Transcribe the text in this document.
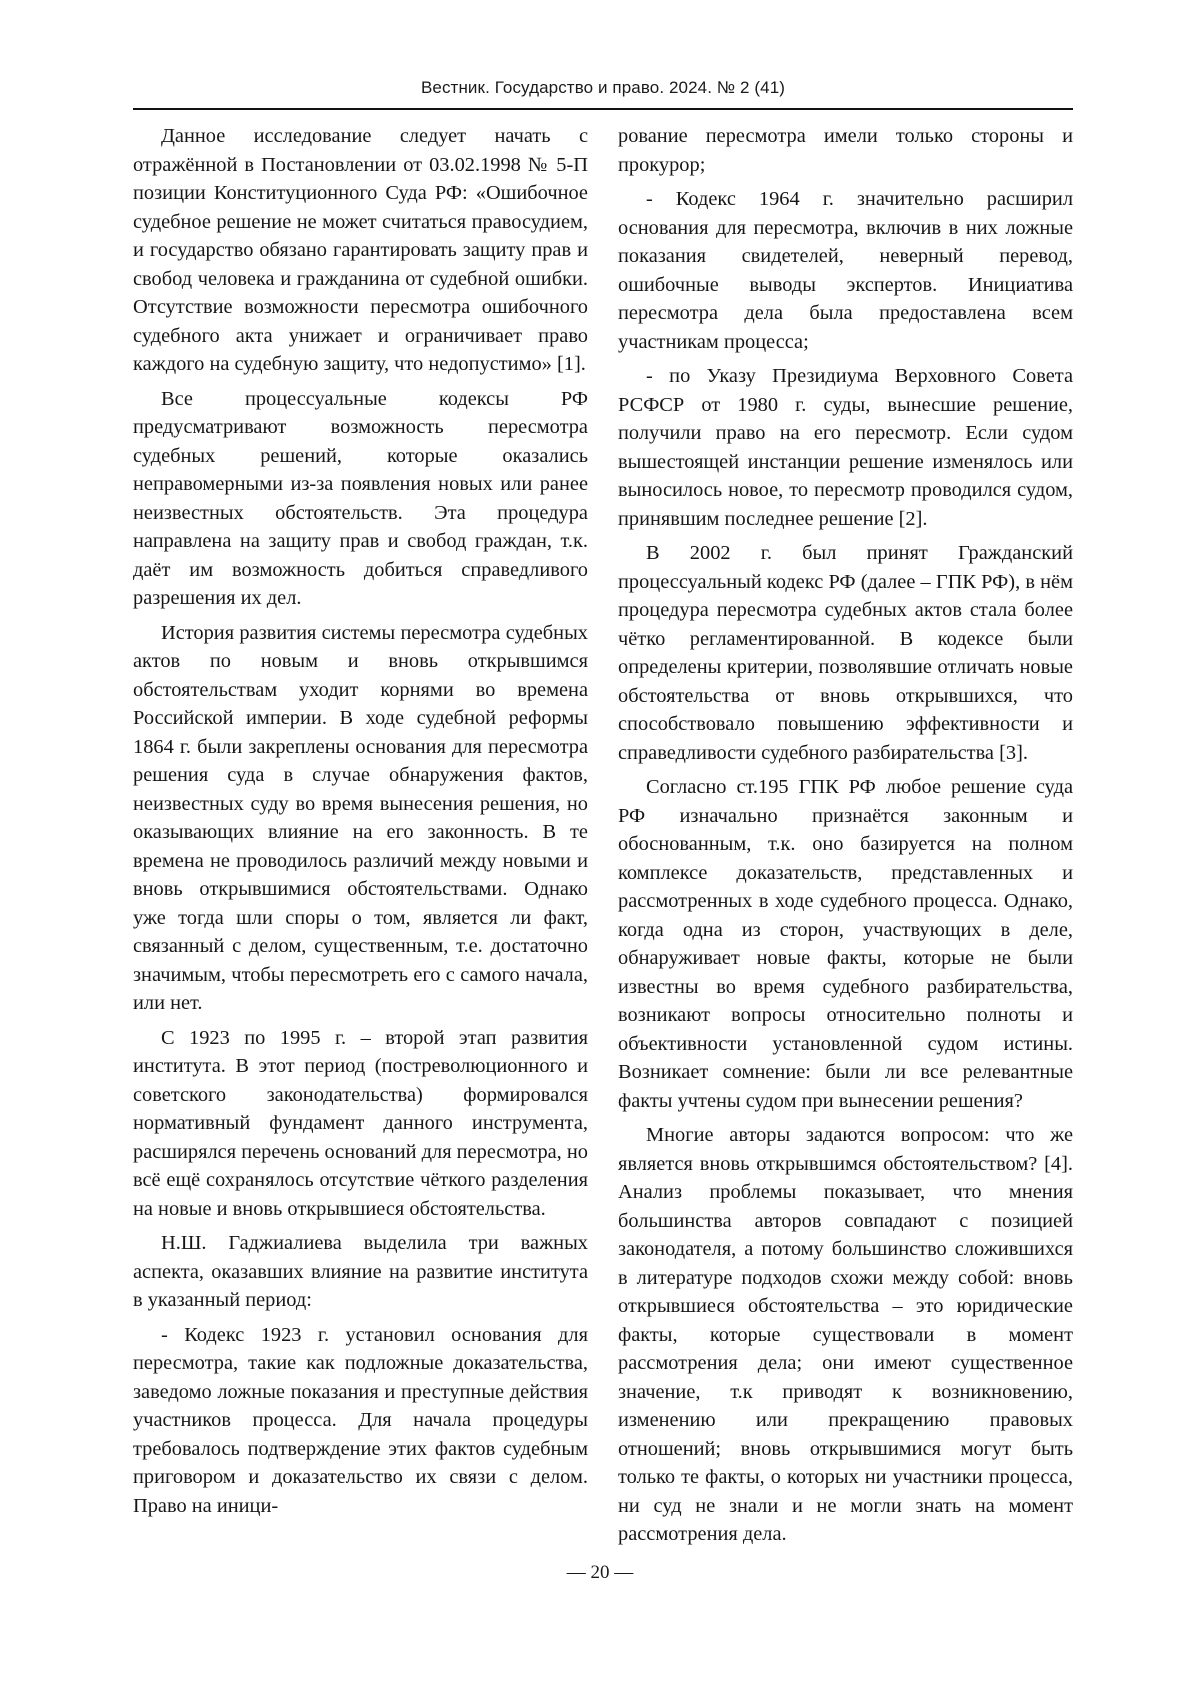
Вестник. Государство и право. 2024. № 2 (41)

Данное исследование следует начать с отражённой в Постановлении от 03.02.1998 № 5-П позиции Конституционного Суда РФ: «Ошибочное судебное решение не может считаться правосудием, и государство обязано гарантировать защиту прав и свобод человека и гражданина от судебной ошибки. Отсутствие возможности пересмотра ошибочного судебного акта унижает и ограничивает право каждого на судебную защиту, что недопустимо» [1].

Все процессуальные кодексы РФ предусматривают возможность пересмотра судебных решений, которые оказались неправомерными из-за появления новых или ранее неизвестных обстоятельств. Эта процедура направлена на защиту прав и свобод граждан, т.к. даёт им возможность добиться справедливого разрешения их дел.

История развития системы пересмотра судебных актов по новым и вновь открывшимся обстоятельствам уходит корнями во времена Российской империи. В ходе судебной реформы 1864 г. были закреплены основания для пересмотра решения суда в случае обнаружения фактов, неизвестных суду во время вынесения решения, но оказывающих влияние на его законность. В те времена не проводилось различий между новыми и вновь открывшимися обстоятельствами. Однако уже тогда шли споры о том, является ли факт, связанный с делом, существенным, т.е. достаточно значимым, чтобы пересмотреть его с самого начала, или нет.

С 1923 по 1995 г. – второй этап развития института. В этот период (постреволюционного и советского законодательства) формировался нормативный фундамент данного инструмента, расширялся перечень оснований для пересмотра, но всё ещё сохранялось отсутствие чёткого разделения на новые и вновь открывшиеся обстоятельства.

Н.Ш. Гаджиалиева выделила три важных аспекта, оказавших влияние на развитие института в указанный период:

- Кодекс 1923 г. установил основания для пересмотра, такие как подложные доказательства, заведомо ложные показания и преступные действия участников процесса. Для начала процедуры требовалось подтверждение этих фактов судебным приговором и доказательство их связи с делом. Право на иници-

рование пересмотра имели только стороны и прокурор;

- Кодекс 1964 г. значительно расширил основания для пересмотра, включив в них ложные показания свидетелей, неверный перевод, ошибочные выводы экспертов. Инициатива пересмотра дела была предоставлена всем участникам процесса;

- по Указу Президиума Верховного Совета РСФСР от 1980 г. суды, вынесшие решение, получили право на его пересмотр. Если судом вышестоящей инстанции решение изменялось или выносилось новое, то пересмотр проводился судом, принявшим последнее решение [2].

В 2002 г. был принят Гражданский процессуальный кодекс РФ (далее – ГПК РФ), в нём процедура пересмотра судебных актов стала более чётко регламентированной. В кодексе были определены критерии, позволявшие отличать новые обстоятельства от вновь открывшихся, что способствовало повышению эффективности и справедливости судебного разбирательства [3].

Согласно ст.195 ГПК РФ любое решение суда РФ изначально признаётся законным и обоснованным, т.к. оно базируется на полном комплексе доказательств, представленных и рассмотренных в ходе судебного процесса. Однако, когда одна из сторон, участвующих в деле, обнаруживает новые факты, которые не были известны во время судебного разбирательства, возникают вопросы относительно полноты и объективности установленной судом истины. Возникает сомнение: были ли все релевантные факты учтены судом при вынесении решения?

Многие авторы задаются вопросом: что же является вновь открывшимся обстоятельством? [4]. Анализ проблемы показывает, что мнения большинства авторов совпадают с позицией законодателя, а потому большинство сложившихся в литературе подходов схожи между собой: вновь открывшиеся обстоятельства – это юридические факты, которые существовали в момент рассмотрения дела; они имеют существенное значение, т.к приводят к возникновению, изменению или прекращению правовых отношений; вновь открывшимися могут быть только те факты, о которых ни участники процесса, ни суд не знали и не могли знать на момент рассмотрения дела.

— 20 —
